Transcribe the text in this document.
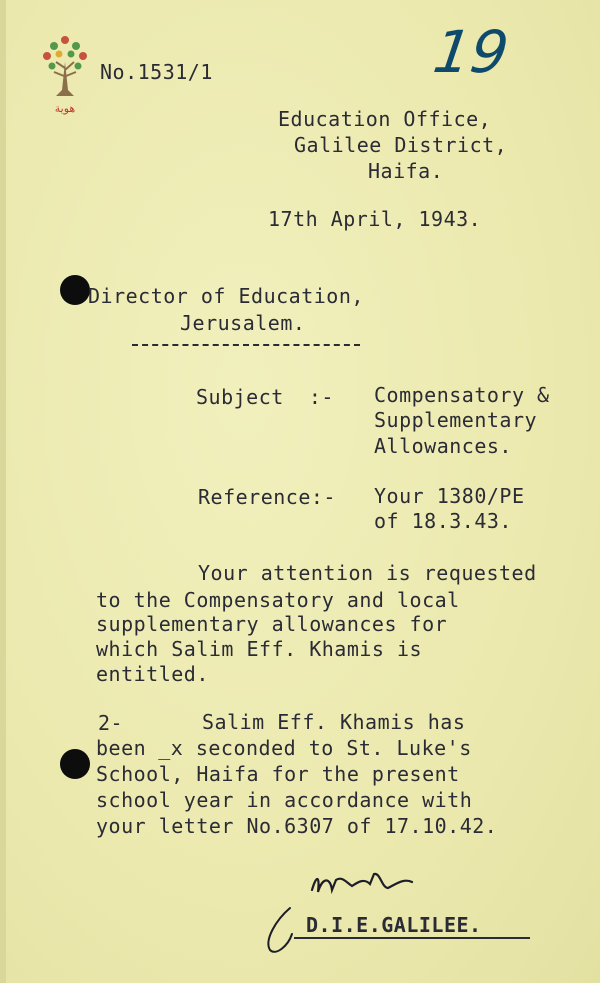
هوية
19
No.1531/1
Education Office,
Galilee District,
Haifa.
17th April, 1943.
Director of Education,
Jerusalem.
Subject  :- Compensatory &
Supplementary
Allowances.
Reference:- Your 1380/PE
of 18.3.43.
Your attention is requested
to the Compensatory and local
supplementary allowances for
which Salim Eff. Khamis is
entitled.
2-	Salim Eff. Khamis has
been ̲x seconded to St. Luke's
School, Haifa for the present
school year in accordance with
your letter No.6307 of 17.10.42.
D.I.E.GALILEE.
